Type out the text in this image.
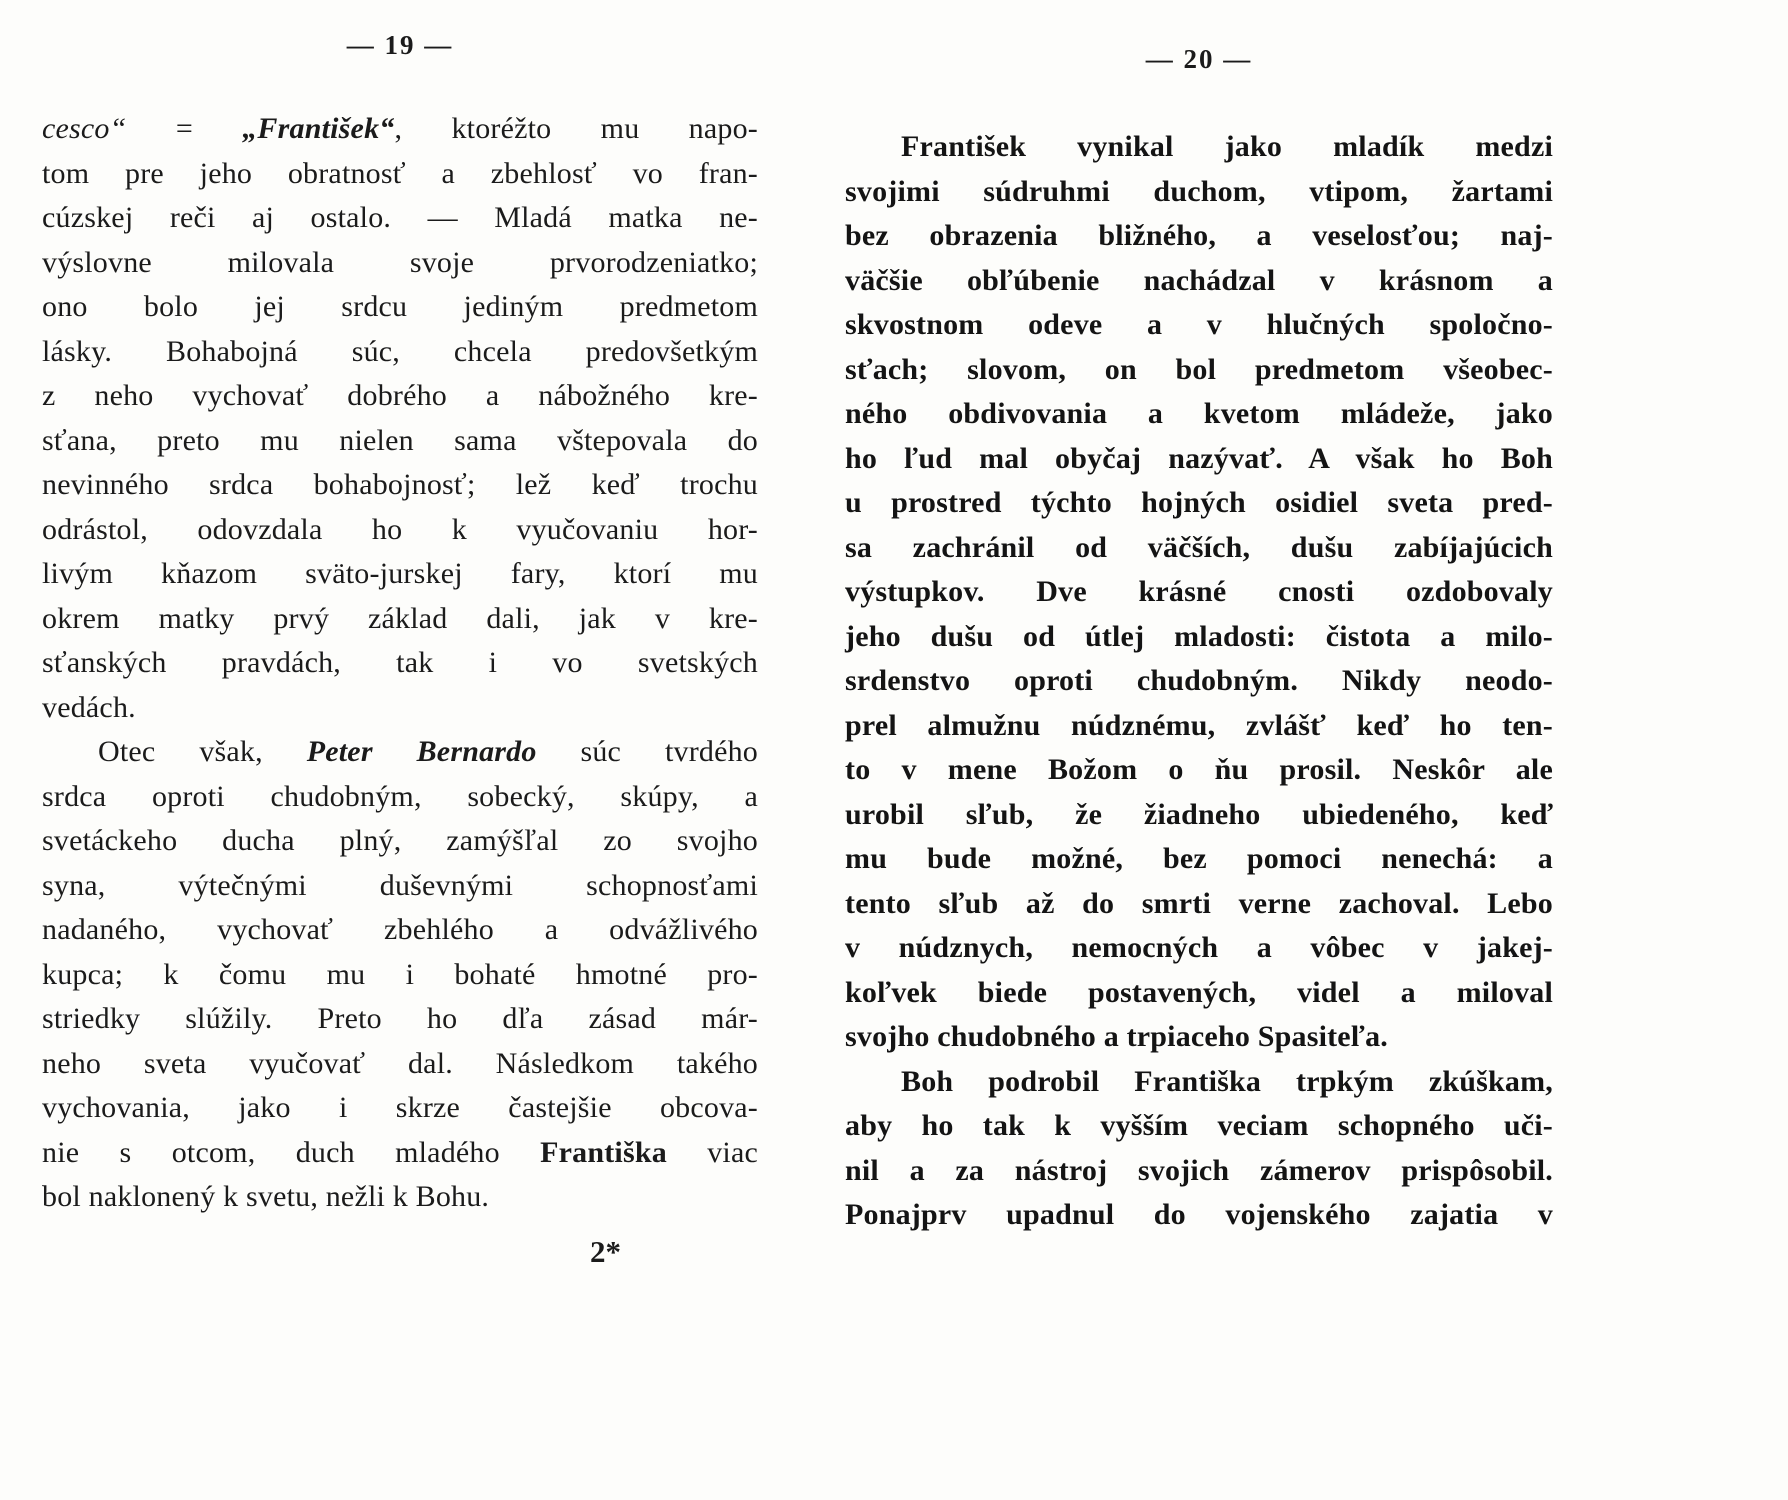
— 19 —
cesco“ = „František“, ktoréžto mu napo-
tom pre jeho obratnosť a zbehlosť vo fran-
cúzskej reči aj ostalo. — Mladá matka ne-
výslovne milovala svoje prvorodzeniatko;
ono bolo jej srdcu jediným predmetom
lásky. Bohabojná súc, chcela predovšetkým
z neho vychovať dobrého a nábožného kre-
sťana, preto mu nielen sama vštepovala do
nevinného srdca bohabojnosť; lež keď trochu
odrástol, odovzdala ho k vyučovaniu hor-
livým kňazom sväto-jurskej fary, ktorí mu
okrem matky prvý základ dali, jak v kre-
sťanských pravdách, tak i vo svetských
vedách.
Otec však, Peter Bernardo súc tvrdého
srdca oproti chudobným, sobecký, skúpy, a
svetáckeho ducha plný, zamýšľal zo svojho
syna, výtečnými duševnými schopnosťami
nadaného, vychovať zbehlého a odvážlivého
kupca; k čomu mu i bohaté hmotné pro-
striedky slúžily. Preto ho dľa zásad már-
neho sveta vyučovať dal. Následkom takého
vychovania, jako i skrze častejšie obcova-
nie s otcom, duch mladého Františka viac
bol naklonený k svetu, nežli k Bohu.
2*
— 20 —
František vynikal jako mladík medzi
svojimi súdruhmi duchom, vtipom, žartami
bez obrazenia bližného, a veselosťou; naj-
väčšie obľúbenie nachádzal v krásnom a
skvostnom odeve a v hlučných spoločno-
sťach; slovom, on bol predmetom všeobec-
ného obdivovania a kvetom mládeže, jako
ho ľud mal obyčaj nazývať. A však ho Boh
u prostred týchto hojných osidiel sveta pred-
sa zachránil od väčších, dušu zabíjajúcich
výstupkov. Dve krásné cnosti ozdobovaly
jeho dušu od útlej mladosti: čistota a milo-
srdenstvo oproti chudobným. Nikdy neodo-
prel almužnu núdznému, zvlášť keď ho ten-
to v mene Božom o ňu prosil. Neskôr ale
urobil sľub, že žiadneho ubiedeného, keď
mu bude možné, bez pomoci nenechá: a
tento sľub až do smrti verne zachoval. Lebo
v núdznych, nemocných a vôbec v jakej-
koľvek biede postavených, videl a miloval
svojho chudobného a trpiaceho Spasiteľa.
Boh podrobil Františka trpkým zkúškam,
aby ho tak k vyšším veciam schopného uči-
nil a za nástroj svojich zámerov prispôsobil.
Ponajprv upadnul do vojenského zajatia v
